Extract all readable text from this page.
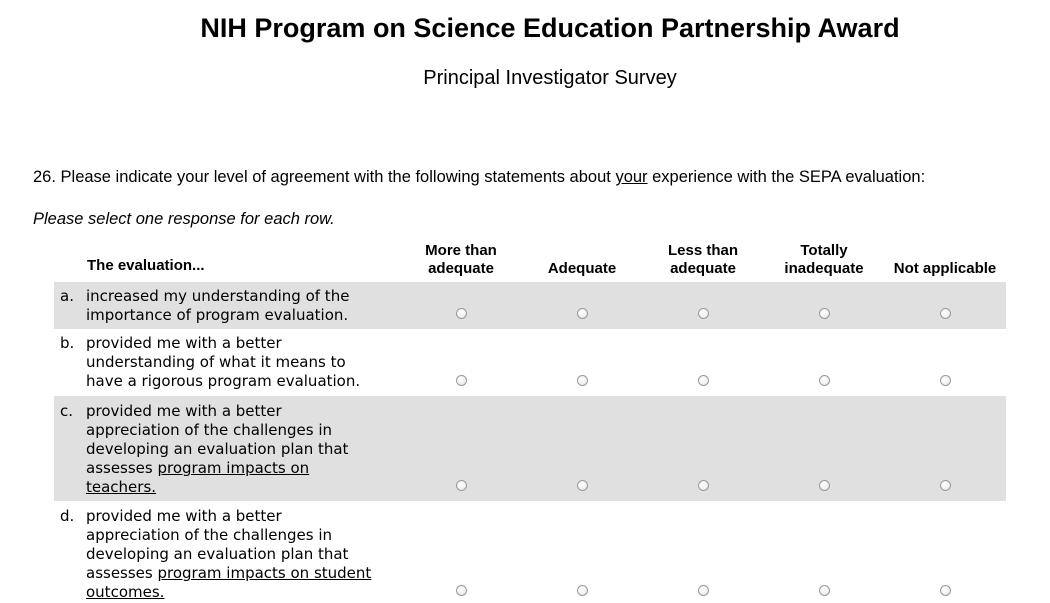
NIH Program on Science Education Partnership Award
Principal Investigator Survey
26. Please indicate your level of agreement with the following statements about your experience with the SEPA evaluation:
Please select one response for each row.
The evaluation...
More than adequate	Adequate
Less than adequate
Totally inadequate	Not applicable
a. increased my understanding of the
importance of program evaluation.
b. provided me with a better
understanding of what it means to
have a rigorous program evaluation.
c. provided me with a better
appreciation of the challenges in
developing an evaluation plan that
assesses program impacts on
teachers.
d. provided me with a better
appreciation of the challenges in
developing an evaluation plan that
assesses program impacts on student
outcomes.
